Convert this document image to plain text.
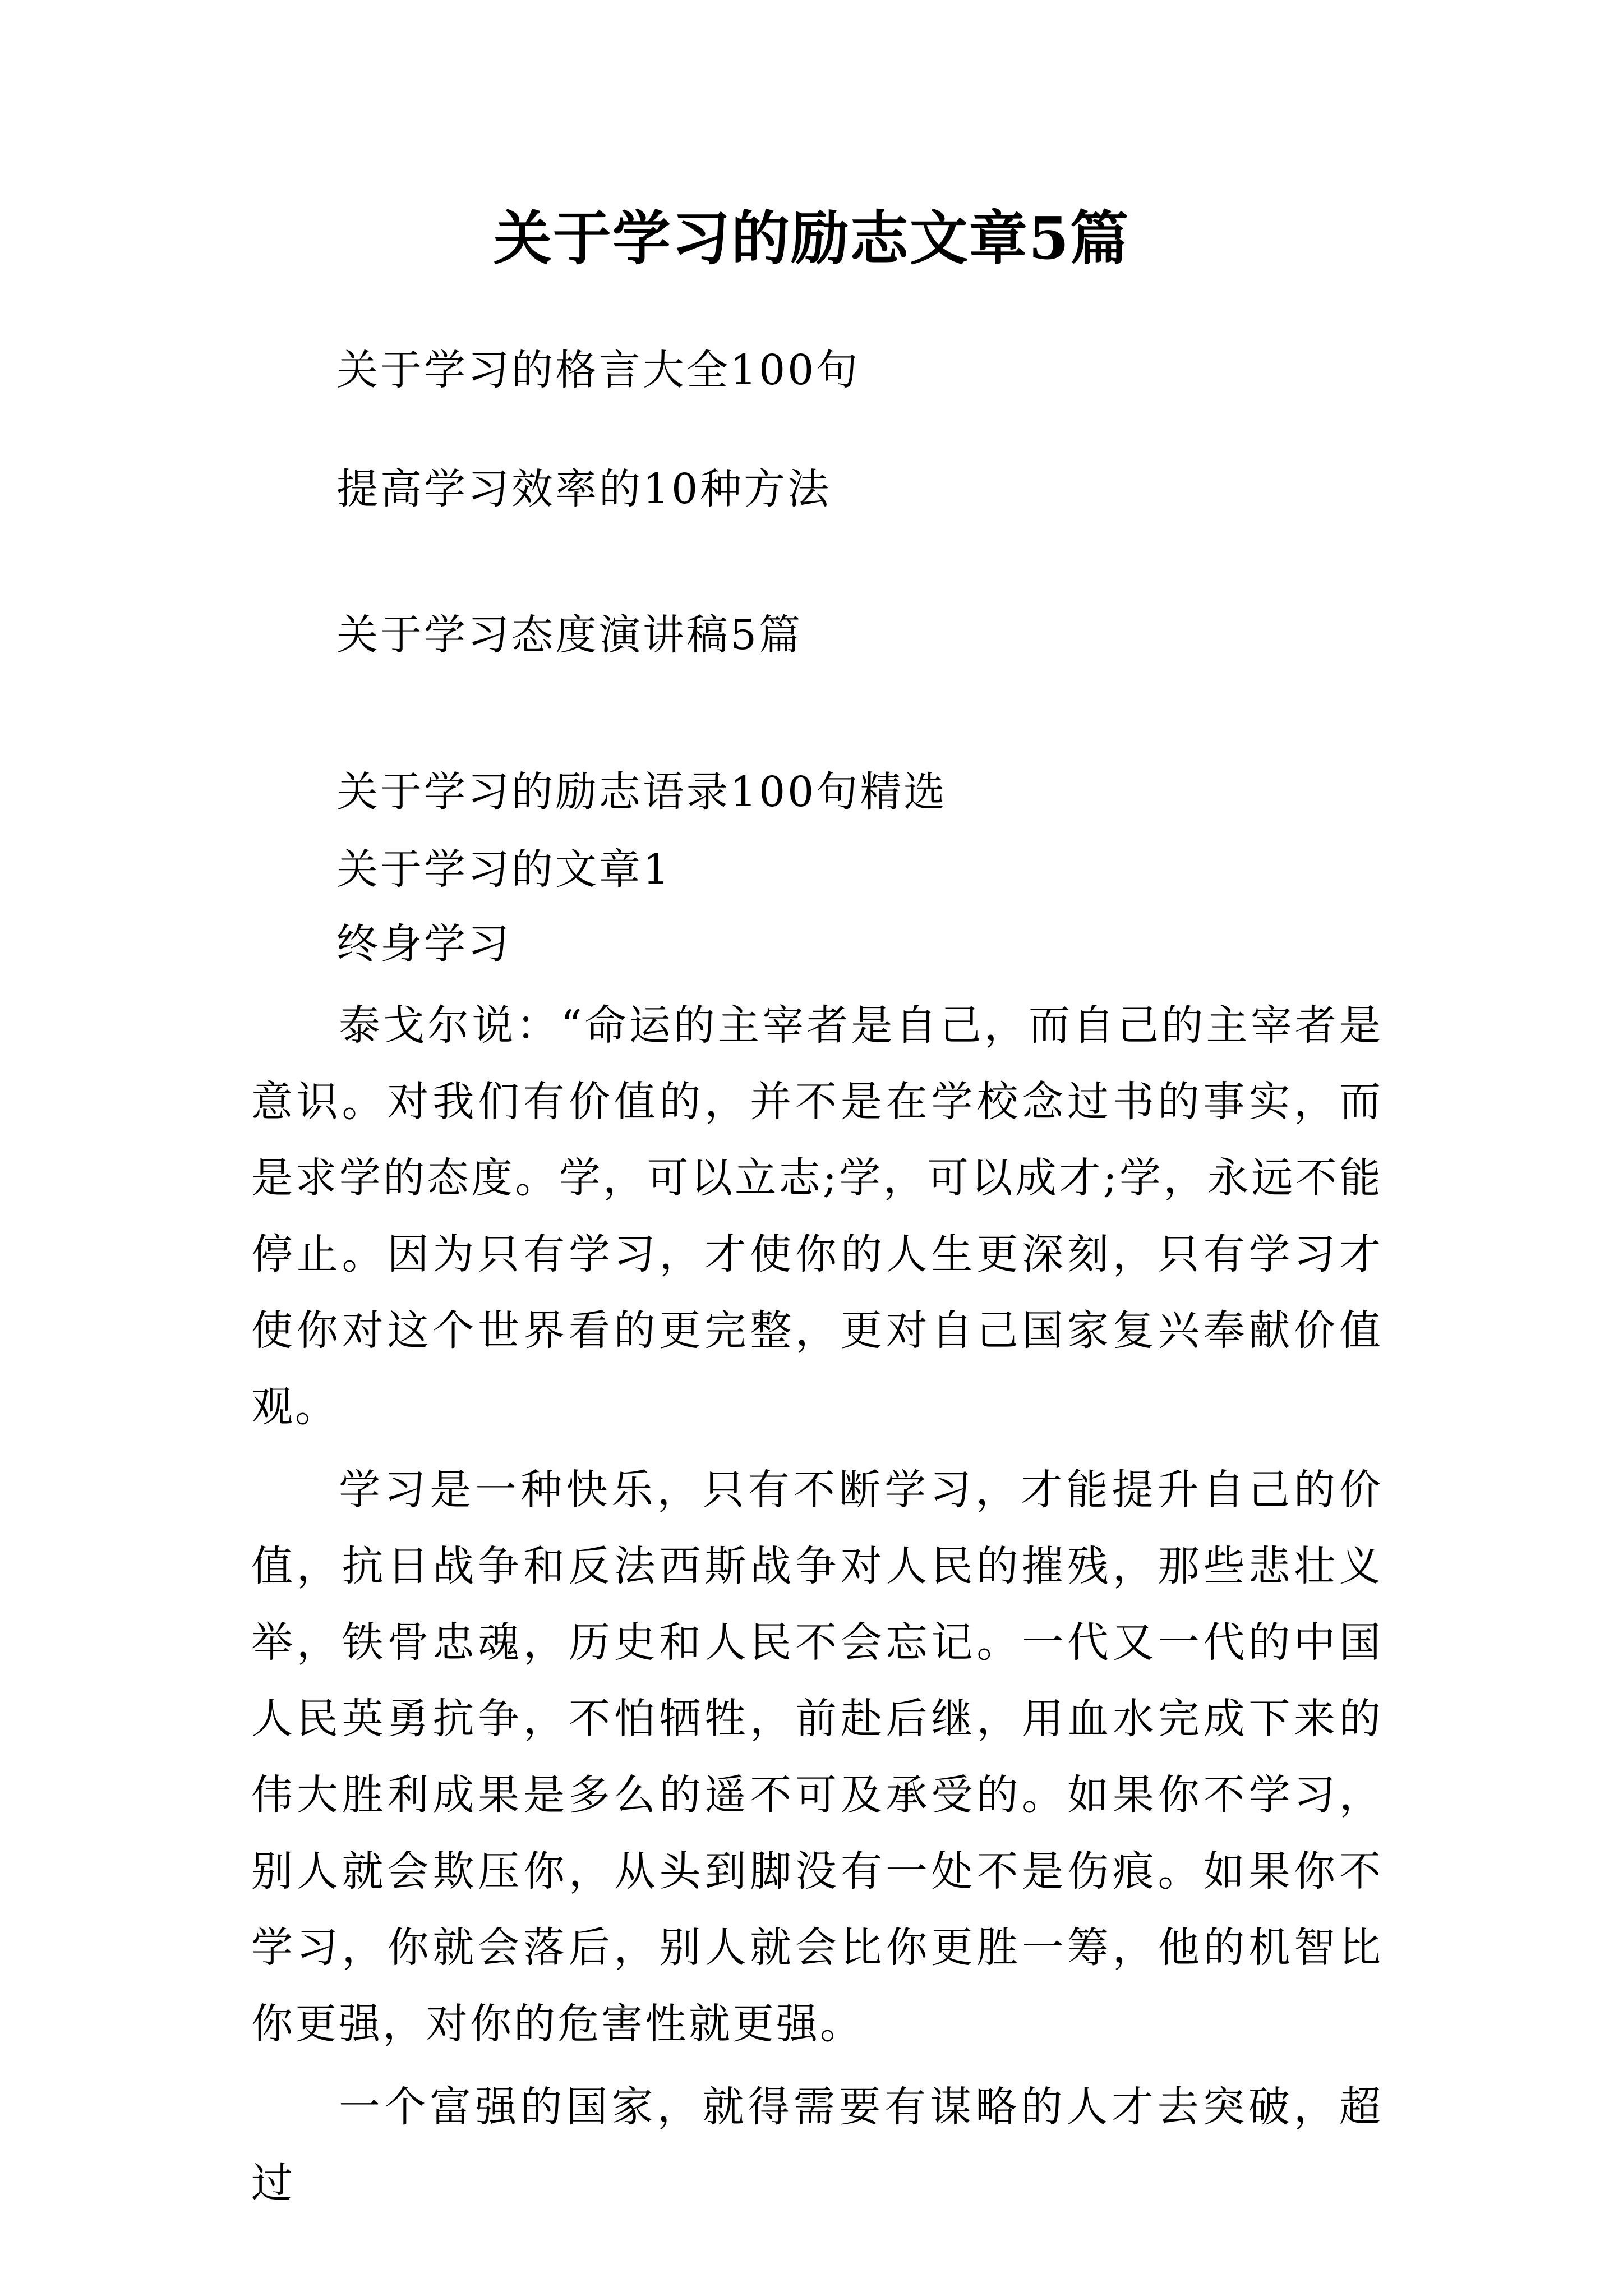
关于学习的励志文章5篇
关于学习的格言大全100句
提高学习效率的10种方法
关于学习态度演讲稿5篇
关于学习的励志语录100句精选
关于学习的文章1
终身学习

泰戈尔说：“命运的主宰者是自己，而自己的主宰者是意识。对我们有价值的，并不是在学校念过书的事实，而是求学的态度。学，可以立志;学，可以成才;学，永远不能停止。因为只有学习，才使你的人生更深刻，只有学习才使你对这个世界看的更完整，更对自己国家复兴奉献价值观。

学习是一种快乐，只有不断学习，才能提升自己的价值，抗日战争和反法西斯战争对人民的摧残，那些悲壮义举，铁骨忠魂，历史和人民不会忘记。一代又一代的中国人民英勇抗争，不怕牺牲，前赴后继，用血水完成下来的伟大胜利成果是多么的遥不可及承受的。如果你不学习，别人就会欺压你，从头到脚没有一处不是伤痕。如果你不学习，你就会落后，别人就会比你更胜一筹，他的机智比你更强，对你的危害性就更强。

一个富强的国家，就得需要有谋略的人才去突破，超过
